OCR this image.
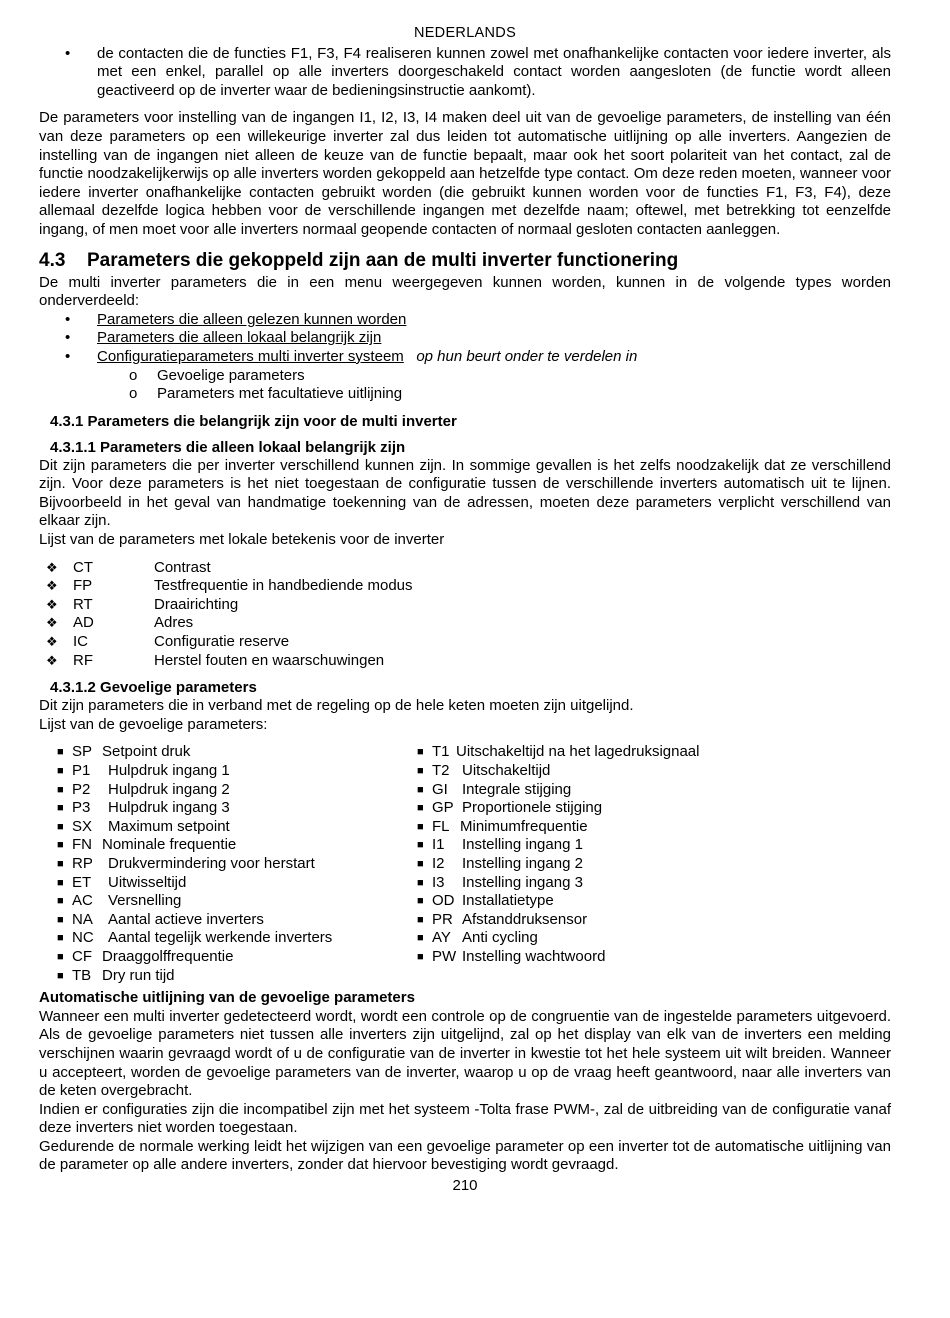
NEDERLANDS
•	de contacten die de functies F1, F3, F4 realiseren kunnen zowel met onafhankelijke contacten voor iedere inverter, als met een enkel, parallel op alle inverters doorgeschakeld contact worden aangesloten (de functie wordt alleen geactiveerd op de inverter waar de bedieningsinstructie aankomt).

De parameters voor instelling van de ingangen I1, I2, I3, I4 maken deel uit van de gevoelige parameters, de instelling van één van deze parameters op een willekeurige inverter zal dus leiden tot automatische uitlijning op alle inverters. Aangezien de instelling van de ingangen niet alleen de keuze van de functie bepaalt, maar ook het soort polariteit van het contact, zal de functie noodzakelijkerwijs op alle inverters worden gekoppeld aan hetzelfde type contact. Om deze reden moeten, wanneer voor iedere inverter onafhankelijke contacten gebruikt worden (die gebruikt kunnen worden voor de functies F1, F3, F4), deze allemaal dezelfde logica hebben voor de verschillende ingangen met dezelfde naam; oftewel, met betrekking tot eenzelfde ingang, of men moet voor alle inverters normaal geopende contacten of normaal gesloten contacten aanleggen.

4.3 Parameters die gekoppeld zijn aan de multi inverter functionering

De multi inverter parameters die in een menu weergegeven kunnen worden, kunnen in de volgende types worden onderverdeeld:

•	Parameters die alleen gelezen kunnen worden
•	Parameters die alleen lokaal belangrijk zijn
•	Configuratieparameters multi inverter systeem op hun beurt onder te verdelen in
o	Gevoelige parameters
o	Parameters met facultatieve uitlijning
4.3.1 Parameters die belangrijk zijn voor de multi inverter
4.3.1.1 Parameters die alleen lokaal belangrijk zijn

Dit zijn parameters die per inverter verschillend kunnen zijn. In sommige gevallen is het zelfs noodzakelijk dat ze verschillend zijn. Voor deze parameters is het niet toegestaan de configuratie tussen de verschillende inverters automatisch uit te lijnen. Bijvoorbeeld in het geval van handmatige toekenning van de adressen, moeten deze parameters verplicht verschillend van elkaar zijn.

Lijst van de parameters met lokale betekenis voor de inverter

❖	CT	Contrast
❖	FP	Testfrequentie in handbediende modus
❖	RT	Draairichting
❖	AD	Adres
❖	IC	Configuratie reserve
❖	RF	Herstel fouten en waarschuwingen
4.3.1.2 Gevoelige parameters

Dit zijn parameters die in verband met de regeling op de hele keten moeten zijn uitgelijnd.

Lijst van de gevoelige parameters:

■ SP Setpoint druk
■ P1	Hulpdruk ingang 1
■ P2	Hulpdruk ingang 2
■ P3	Hulpdruk ingang 3
■ SX	Maximum setpoint
■ FN Nominale frequentie
■ RP	Drukvermindering voor herstart
■ ET	Uitwisseltijd
■ AC	Versnelling
■ NA	Aantal actieve inverters
■ NC Aantal tegelijk werkende inverters
■ CF Draaggolffrequentie
■ TB Dry run tijd
■ T1 Uitschakeltijd na het lagedruksignaal
■ T2 Uitschakeltijd
■ GI Integrale stijging
■ GP Proportionele stijging
■ FL Minimumfrequentie
■ I1	Instelling ingang 1
■ I2	Instelling ingang 2
■ I3	Instelling ingang 3
■ OD Installatietype
■ PR Afstanddruksensor
■ AY Anti cycling
■ PW Instelling wachtwoord

Automatische uitlijning van de gevoelige parameters

Wanneer een multi inverter gedetecteerd wordt, wordt een controle op de congruentie van de ingestelde parameters uitgevoerd. Als de gevoelige parameters niet tussen alle inverters zijn uitgelijnd, zal op het display van elk van de inverters een melding verschijnen waarin gevraagd wordt of u de configuratie van de inverter in kwestie tot het hele systeem uit wilt breiden. Wanneer u accepteert, worden de gevoelige parameters van de inverter, waarop u op de vraag heeft geantwoord, naar alle inverters van de keten overgebracht.

Indien er configuraties zijn die incompatibel zijn met het systeem -Tolta frase PWM-, zal de uitbreiding van de configuratie vanaf deze inverters niet worden toegestaan.

Gedurende de normale werking leidt het wijzigen van een gevoelige parameter op een inverter tot de automatische uitlijning van de parameter op alle andere inverters, zonder dat hiervoor bevestiging wordt gevraagd.

210
